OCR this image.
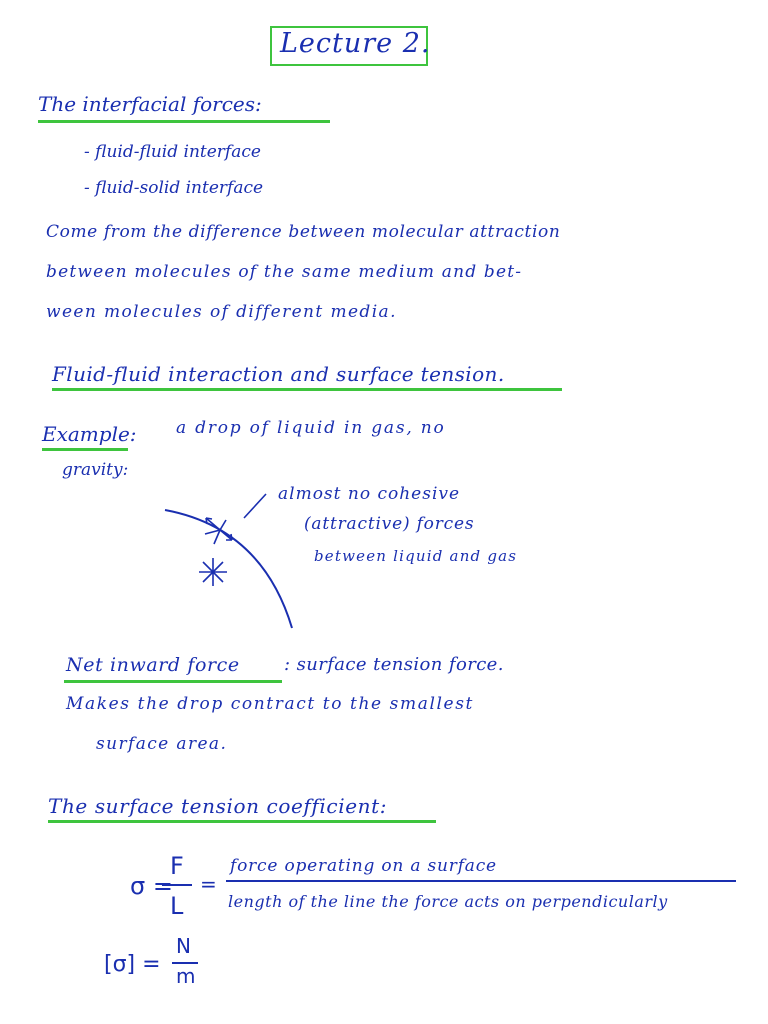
Lecture 2.
The interfacial forces:
- fluid-fluid interface
- fluid-solid interface
Come from the difference between molecular attraction
between molecules of the same medium and bet-
ween molecules of different media.
Fluid-fluid interaction and surface tension.
Example: a drop of liquid in gas, no
gravity:
almost no cohesive
(attractive) forces
between liquid and gas
Net inward force : surface tension force.
Makes the drop contract to the smallest
surface area.
The surface tension coefficient:
σ =
F
L
=
force operating on a surface
length of the line the force acts on perpendicularly
[σ] =
N
m
